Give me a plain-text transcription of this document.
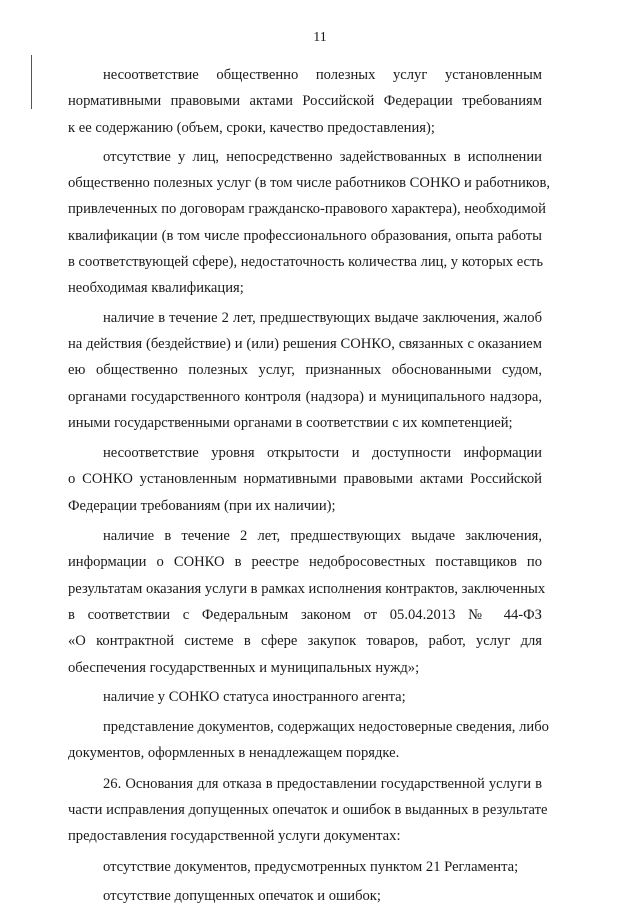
11

несоответствие общественно полезных услуг установленным
нормативными правовыми актами Российской Федерации требованиям
к ее содержанию (объем, сроки, качество предоставления);

отсутствие у лиц, непосредственно задействованных в исполнении
общественно полезных услуг (в том числе работников СОНКО и работников,
привлеченных по договорам гражданско-правового характера), необходимой
квалификации (в том числе профессионального образования, опыта работы
в соответствующей сфере), недостаточность количества лиц, у которых есть
необходимая квалификация;

наличие в течение 2 лет, предшествующих выдаче заключения, жалоб
на действия (бездействие) и (или) решения СОНКО, связанных с оказанием
ею общественно полезных услуг, признанных обоснованными судом,
органами государственного контроля (надзора) и муниципального надзора,
иными государственными органами в соответствии с их компетенцией;

несоответствие уровня открытости и доступности информации
о СОНКО установленным нормативными правовыми актами Российской
Федерации требованиям (при их наличии);

наличие в течение 2 лет, предшествующих выдаче заключения,
информации о СОНКО в реестре недобросовестных поставщиков по
результатам оказания услуги в рамках исполнения контрактов, заключенных
в соответствии с Федеральным законом от 05.04.2013 № 44-ФЗ
«О контрактной системе в сфере закупок товаров, работ, услуг для
обеспечения государственных и муниципальных нужд»;

наличие у СОНКО статуса иностранного агента;

представление документов, содержащих недостоверные сведения, либо
документов, оформленных в ненадлежащем порядке.

26. Основания для отказа в предоставлении государственной услуги в
части исправления допущенных опечаток и ошибок в выданных в результате
предоставления государственной услуги документах:

отсутствие документов, предусмотренных пунктом 21 Регламента;

отсутствие допущенных опечаток и ошибок;
